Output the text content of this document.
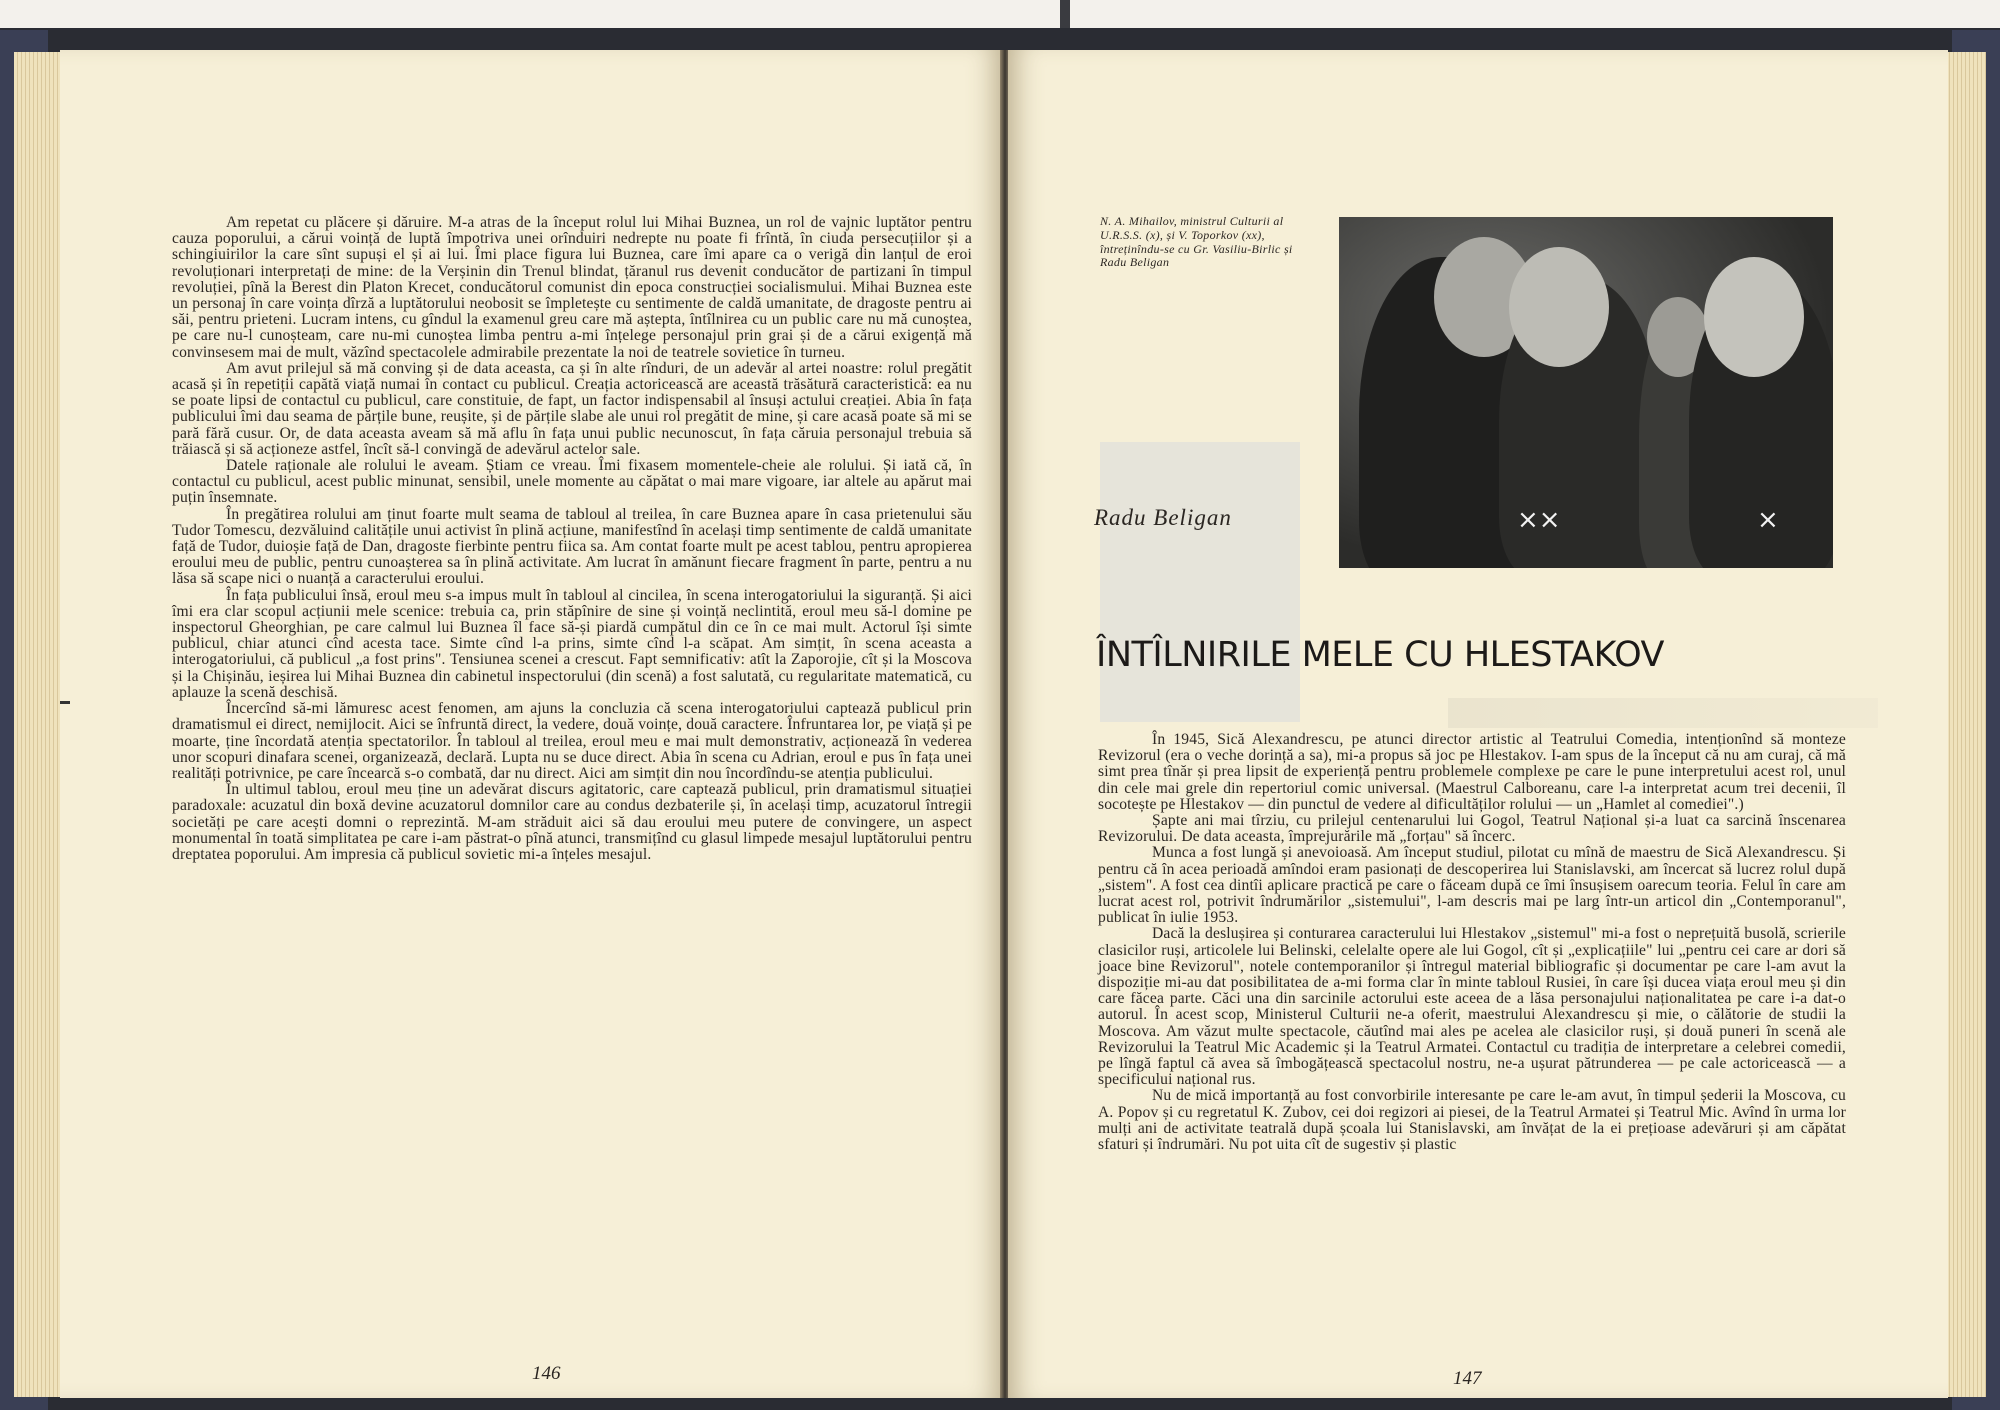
Am repetat cu plăcere și dăruire. M-a atras de la început rolul lui Mihai Buznea, un rol de vajnic luptător pentru cauza poporului, a cărui voință de luptă împotriva unei orînduiri nedrepte nu poate fi frîntă, în ciuda persecuțiilor și a schingiuirilor la care sînt supuși el și ai lui. Îmi place figura lui Buznea, care îmi apare ca o verigă din lanțul de eroi revoluționari interpretați de mine: de la Verșinin din Trenul blindat, țăranul rus devenit conducător de partizani în timpul revoluției, pînă la Berest din Platon Krecet, conducătorul comunist din epoca construcției socialismului. Mihai Buznea este un personaj în care voința dîrză a luptătorului neobosit se împletește cu sentimente de caldă umanitate, de dragoste pentru ai săi, pentru prieteni. Lucram intens, cu gîndul la examenul greu care mă aștepta, întîlnirea cu un public care nu mă cunoștea, pe care nu-l cunoșteam, care nu-mi cunoștea limba pentru a-mi înțelege personajul prin grai și de a cărui exigență mă convinsesem mai de mult, văzînd spectacolele admirabile prezentate la noi de teatrele sovietice în turneu.

Am avut prilejul să mă conving și de data aceasta, ca și în alte rînduri, de un adevăr al artei noastre: rolul pregătit acasă și în repetiții capătă viață numai în contact cu publicul. Creația actoricească are această trăsătură caracteristică: ea nu se poate lipsi de contactul cu publicul, care constituie, de fapt, un factor indispensabil al însuși actului creației. Abia în fața publicului îmi dau seama de părțile bune, reușite, și de părțile slabe ale unui rol pregătit de mine, și care acasă poate să mi se pară fără cusur. Or, de data aceasta aveam să mă aflu în fața unui public necunoscut, în fața căruia personajul trebuia să trăiască și să acționeze astfel, încît să-l convingă de adevărul actelor sale.

Datele raționale ale rolului le aveam. Știam ce vreau. Îmi fixasem momentele-cheie ale rolului. Și iată că, în contactul cu publicul, acest public minunat, sensibil, unele momente au căpătat o mai mare vigoare, iar altele au apărut mai puțin însemnate.

În pregătirea rolului am ținut foarte mult seama de tabloul al treilea, în care Buznea apare în casa prietenului său Tudor Tomescu, dezvăluind calitățile unui activist în plină acțiune, manifestînd în același timp sentimente de caldă umanitate față de Tudor, duioșie față de Dan, dragoste fierbinte pentru fiica sa. Am contat foarte mult pe acest tablou, pentru apropierea eroului meu de public, pentru cunoașterea sa în plină activitate. Am lucrat în amănunt fiecare fragment în parte, pentru a nu lăsa să scape nici o nuanță a caracterului eroului.

În fața publicului însă, eroul meu s-a impus mult în tabloul al cincilea, în scena interogatoriului la siguranță. Și aici îmi era clar scopul acțiunii mele scenice: trebuia ca, prin stăpînire de sine și voință neclintită, eroul meu să-l domine pe inspectorul Gheorghian, pe care calmul lui Buznea îl face să-și piardă cumpătul din ce în ce mai mult. Actorul își simte publicul, chiar atunci cînd acesta tace. Simte cînd l-a prins, simte cînd l-a scăpat. Am simțit, în scena aceasta a interogatoriului, că publicul „a fost prins". Tensiunea scenei a crescut. Fapt semnificativ: atît la Zaporojie, cît și la Moscova și la Chișinău, ieșirea lui Mihai Buznea din cabinetul inspectorului (din scenă) a fost salutată, cu regularitate matematică, cu aplauze la scenă deschisă.

Încercînd să-mi lămuresc acest fenomen, am ajuns la concluzia că scena interogatoriului captează publicul prin dramatismul ei direct, nemijlocit. Aici se înfruntă direct, la vedere, două voințe, două caractere. Înfruntarea lor, pe viață și pe moarte, ține încordată atenția spectatorilor. În tabloul al treilea, eroul meu e mai mult demonstrativ, acționează în vederea unor scopuri dinafara scenei, organizează, declară. Lupta nu se duce direct. Abia în scena cu Adrian, eroul e pus în fața unei realități potrivnice, pe care încearcă s-o combată, dar nu direct. Aici am simțit din nou încordîndu-se atenția publicului.

În ultimul tablou, eroul meu ține un adevărat discurs agitatoric, care captează publicul, prin dramatismul situației paradoxale: acuzatul din boxă devine acuzatorul domnilor care au condus dezbaterile și, în același timp, acuzatorul întregii societăți pe care acești domni o reprezintă. M-am străduit aici să dau eroului meu putere de convingere, un aspect monumental în toată simplitatea pe care i-am păstrat-o pînă atunci, transmițînd cu glasul limpede mesajul luptătorului pentru dreptatea poporului. Am impresia că publicul sovietic mi-a înțeles mesajul.

146
N. A. Mihailov, ministrul Culturii al U.R.S.S. (x), și V. Toporkov (xx), întreținîndu-se cu Gr. Vasiliu-Birlic și Radu Beligan
××	×
Radu Beligan
ÎNTÎLNIRILE MELE CU HLESTAKOV

În 1945, Sică Alexandrescu, pe atunci director artistic al Teatrului Comedia, intenționînd să monteze Revizorul (era o veche dorință a sa), mi-a propus să joc pe Hlestakov. I-am spus de la început că nu am curaj, că mă simt prea tînăr și prea lipsit de experiență pentru problemele complexe pe care le pune interpretului acest rol, unul din cele mai grele din repertoriul comic universal. (Maestrul Calboreanu, care l-a interpretat acum trei decenii, îl socotește pe Hlestakov — din punctul de vedere al dificultăților rolului — un „Hamlet al comediei".)

Șapte ani mai tîrziu, cu prilejul centenarului lui Gogol, Teatrul Național și-a luat ca sarcină înscenarea Revizorului. De data aceasta, împrejurările mă „forțau" să încerc.

Munca a fost lungă și anevoioasă. Am început studiul, pilotat cu mînă de maestru de Sică Alexandrescu. Și pentru că în acea perioadă amîndoi eram pasionați de descoperirea lui Stanislavski, am încercat să lucrez rolul după „sistem". A fost cea dintîi aplicare practică pe care o făceam după ce îmi însușisem oarecum teoria. Felul în care am lucrat acest rol, potrivit îndrumărilor „sistemului", l-am descris mai pe larg într-un articol din „Contemporanul", publicat în iulie 1953.

Dacă la deslușirea și conturarea caracterului lui Hlestakov „sistemul" mi-a fost o neprețuită busolă, scrierile clasicilor ruși, articolele lui Belinski, celelalte opere ale lui Gogol, cît și „explicațiile" lui „pentru cei care ar dori să joace bine Revizorul", notele contemporanilor și întregul material bibliografic și documentar pe care l-am avut la dispoziție mi-au dat posibilitatea de a-mi forma clar în minte tabloul Rusiei, în care își ducea viața eroul meu și din care făcea parte. Căci una din sarcinile actorului este aceea de a lăsa personajului naționalitatea pe care i-a dat-o autorul. În acest scop, Ministerul Culturii ne-a oferit, maestrului Alexandrescu și mie, o călătorie de studii la Moscova. Am văzut multe spectacole, căutînd mai ales pe acelea ale clasicilor ruși, și două puneri în scenă ale Revizorului la Teatrul Mic Academic și la Teatrul Armatei. Contactul cu tradiția de interpretare a celebrei comedii, pe lîngă faptul că avea să îmbogățească spectacolul nostru, ne-a ușurat pătrunderea — pe cale actoricească — a specificului național rus.

Nu de mică importanță au fost convorbirile interesante pe care le-am avut, în timpul șederii la Moscova, cu A. Popov și cu regretatul K. Zubov, cei doi regizori ai piesei, de la Teatrul Armatei și Teatrul Mic. Avînd în urma lor mulți ani de activitate teatrală după școala lui Stanislavski, am învățat de la ei prețioase adevăruri și am căpătat sfaturi și îndrumări. Nu pot uita cît de sugestiv și plastic

147
